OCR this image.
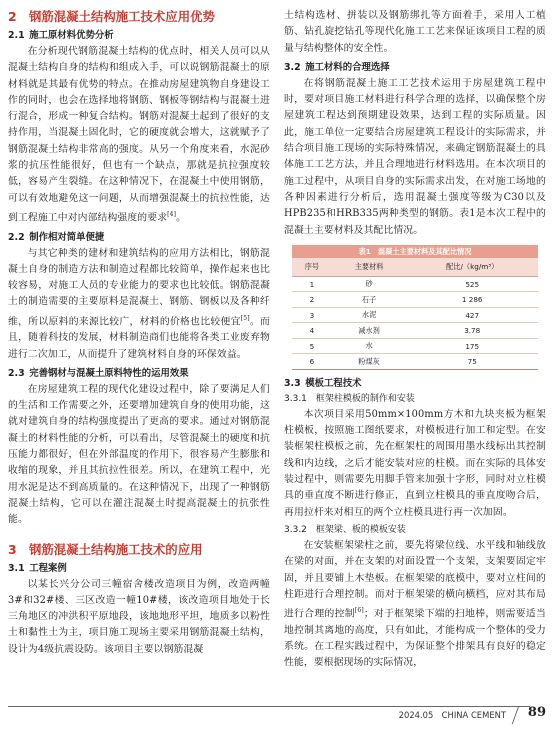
2　钢筋混凝土结构施工技术应用优势
2.1 施工原材料优势分析

在分析现代钢筋混凝土结构的优点时，相关人员可以从混凝土结构自身的结构和组成入手，可以说钢筋混凝土的原材料就是其最有优势的特点。在推动房屋建筑物自身建设工作的同时，也会在选择地将钢筋、钢板等钢结构与混凝土进行混合，形成一种复合结构。钢筋对混凝土起到了很好的支持作用，当混凝土固化时，它的硬度就会增大，这就赋予了钢筋混凝土结构非常高的强度。从另一个角度来看，水泥砂浆的抗压性能很好，但也有一个缺点，那就是抗拉强度较低，容易产生裂缝。在这种情况下，在混凝土中使用钢筋，可以有效地避免这一问题，从而增强混凝土的抗拉性能，达到工程施工中对内部结构强度的要求[4]。

2.2 制作相对简单便捷

与其它种类的建材和建筑结构的应用方法相比，钢筋混凝土自身的制造方法和制造过程都比较简单，操作起来也比较容易，对施工人员的专业能力的要求也比较低。钢筋混凝土的制造需要的主要原料是混凝土、钢筋、钢板以及各种纤维，所以原料的来源比较广，材料的价格也比较便宜[5]。而且，随着科技的发展，材料制造商们也能将各类工业废弃物进行二次加工，从而提升了建筑材料自身的环保效益。

2.3 完善钢材与混凝土原料特性的运用效果

在房屋建筑工程的现代化建设过程中，除了要满足人们的生活和工作需要之外，还要增加建筑自身的使用功能，这就对建筑自身的结构强度提出了更高的要求。通过对钢筋混凝土的材料性能的分析，可以看出，尽管混凝土的硬度和抗压能力都很好，但在外部温度的作用下，很容易产生膨胀和收缩的现象，并且其抗拉性很差。所以，在建筑工程中，光用水泥是达不到高质量的。在这种情况下，出现了一种钢筋混凝土结构，它可以在灌注混凝土时提高混凝土的抗张性能。

3　钢筋混凝土结构施工技术的应用
3.1 工程案例

以某长兴分公司三幢宿舍楼改造项目为例，改造两幢3#和32#楼、三区改造一幢10#楼，该改造项目地处于长三角地区的冲洪积平原地段，该地地形平坦，地质多以粉性土和黏性土为主，项目施工现场主要采用钢筋混凝土结构，设计为4级抗震设防。该项目主要以钢筋混凝

土结构选材、拼装以及钢筋绑扎等方面着手，采用人工植筋、钻孔旋挖钻孔等现代化施工工艺来保证该项目工程的质量与结构整体的安全性。

3.2 施工材料的合理选择

在将钢筋混凝土施工工艺技术运用于房屋建筑工程中时，要对项目施工材料进行科学合理的选择，以确保整个房屋建筑工程达到预期建设效果，达到工程的实际质量。因此，施工单位一定要结合房屋建筑工程设计的实际需求，并结合项目施工现场的实际特殊情况，来确定钢筋混凝土的具体施工工艺方法，并且合理地进行材料选用。在本次项目的施工过程中，从项目自身的实际需求出发，在对施工场地的各种因素进行分析后，选用混凝土强度等级为C30以及HPB235和HRB335两种类型的钢筋。表1是本次工程中的混凝土主要材料及其配比情况。

表1　混凝土主要材料及其配比情况
序号	主要材料	配比/（kg/m³）
1	砂	525
2	石子	1 286
3	水泥	427
4	减水剂	3.78
5	水	175
6	粉煤灰	75
3.3 模板工程技术
3.3.1　框架柱模板的制作和安装

本次项目采用50mm×100mm方木和九块夹板为框架柱模板，按照施工图纸要求，对模板进行加工和定型。在安装框架柱模板之前，先在框架柱的周围用墨水线标出其控制线和内边线，之后才能安装对应的柱模。而在实际的具体安装过程中，则需要先用脚手管来加强十字形，同时对立柱模具的垂直度不断进行修正，直到立柱模具的垂直度吻合后，再用拉杆来对相互的两个立柱模具进行再一次加固。

3.3.2　框架梁、板的模板安装

在安装框架梁柱之前，要先将梁位线、水平线和轴线放在梁的对面，并在支架的对面设置一个支架，支架要固定牢固，并且要铺上木垫板。在框架梁的底模中，要对立柱间的柱距进行合理控制。而对于框架梁的横向横档，应对其布局进行合理的控制[6]；对于框架梁下端的扫地棒，则需要适当地控制其离地的高度，只有如此，才能构成一个整体的受力系统。在工程实践过程中，为保证整个排架具有良好的稳定性能，要根据现场的实际情况，

2024.05　CHINA CEMENT 89
